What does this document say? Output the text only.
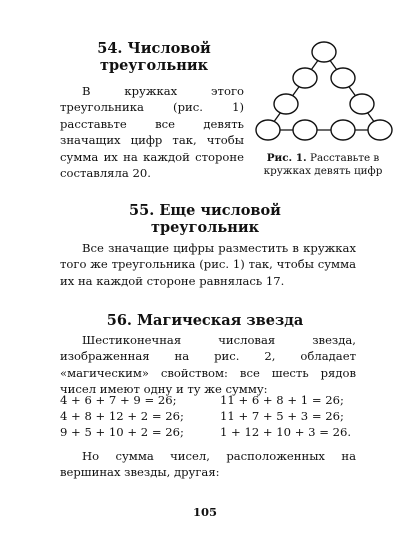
54. Числовой
треугольник

В кружках этого треугольника (рис. 1) расставьте все девять значащих цифр так, чтобы сумма их на каждой стороне составляла 20.

Рис. 1. Расставьте в кружках девять цифр

55. Еще числовой
треугольник

Все значащие цифры разместить в кружках того же треугольника (рис. 1) так, чтобы сумма их на каждой стороне равнялась 17.

56. Магическая звезда

Шестиконечная числовая звезда, изображенная на рис. 2, обладает «магическим» свойством: все шесть рядов чисел имеют одну и ту же сумму:

4 + 6 + 7 + 9 = 26;
4 + 8 + 12 + 2 = 26;
9 + 5 + 10 + 2 = 26;
11 + 6 + 8 + 1 = 26;
11 + 7 + 5 + 3 = 26;
1 + 12 + 10 + 3 = 26.

Но сумма чисел, расположенных на вершинах звезды, другая:

105
